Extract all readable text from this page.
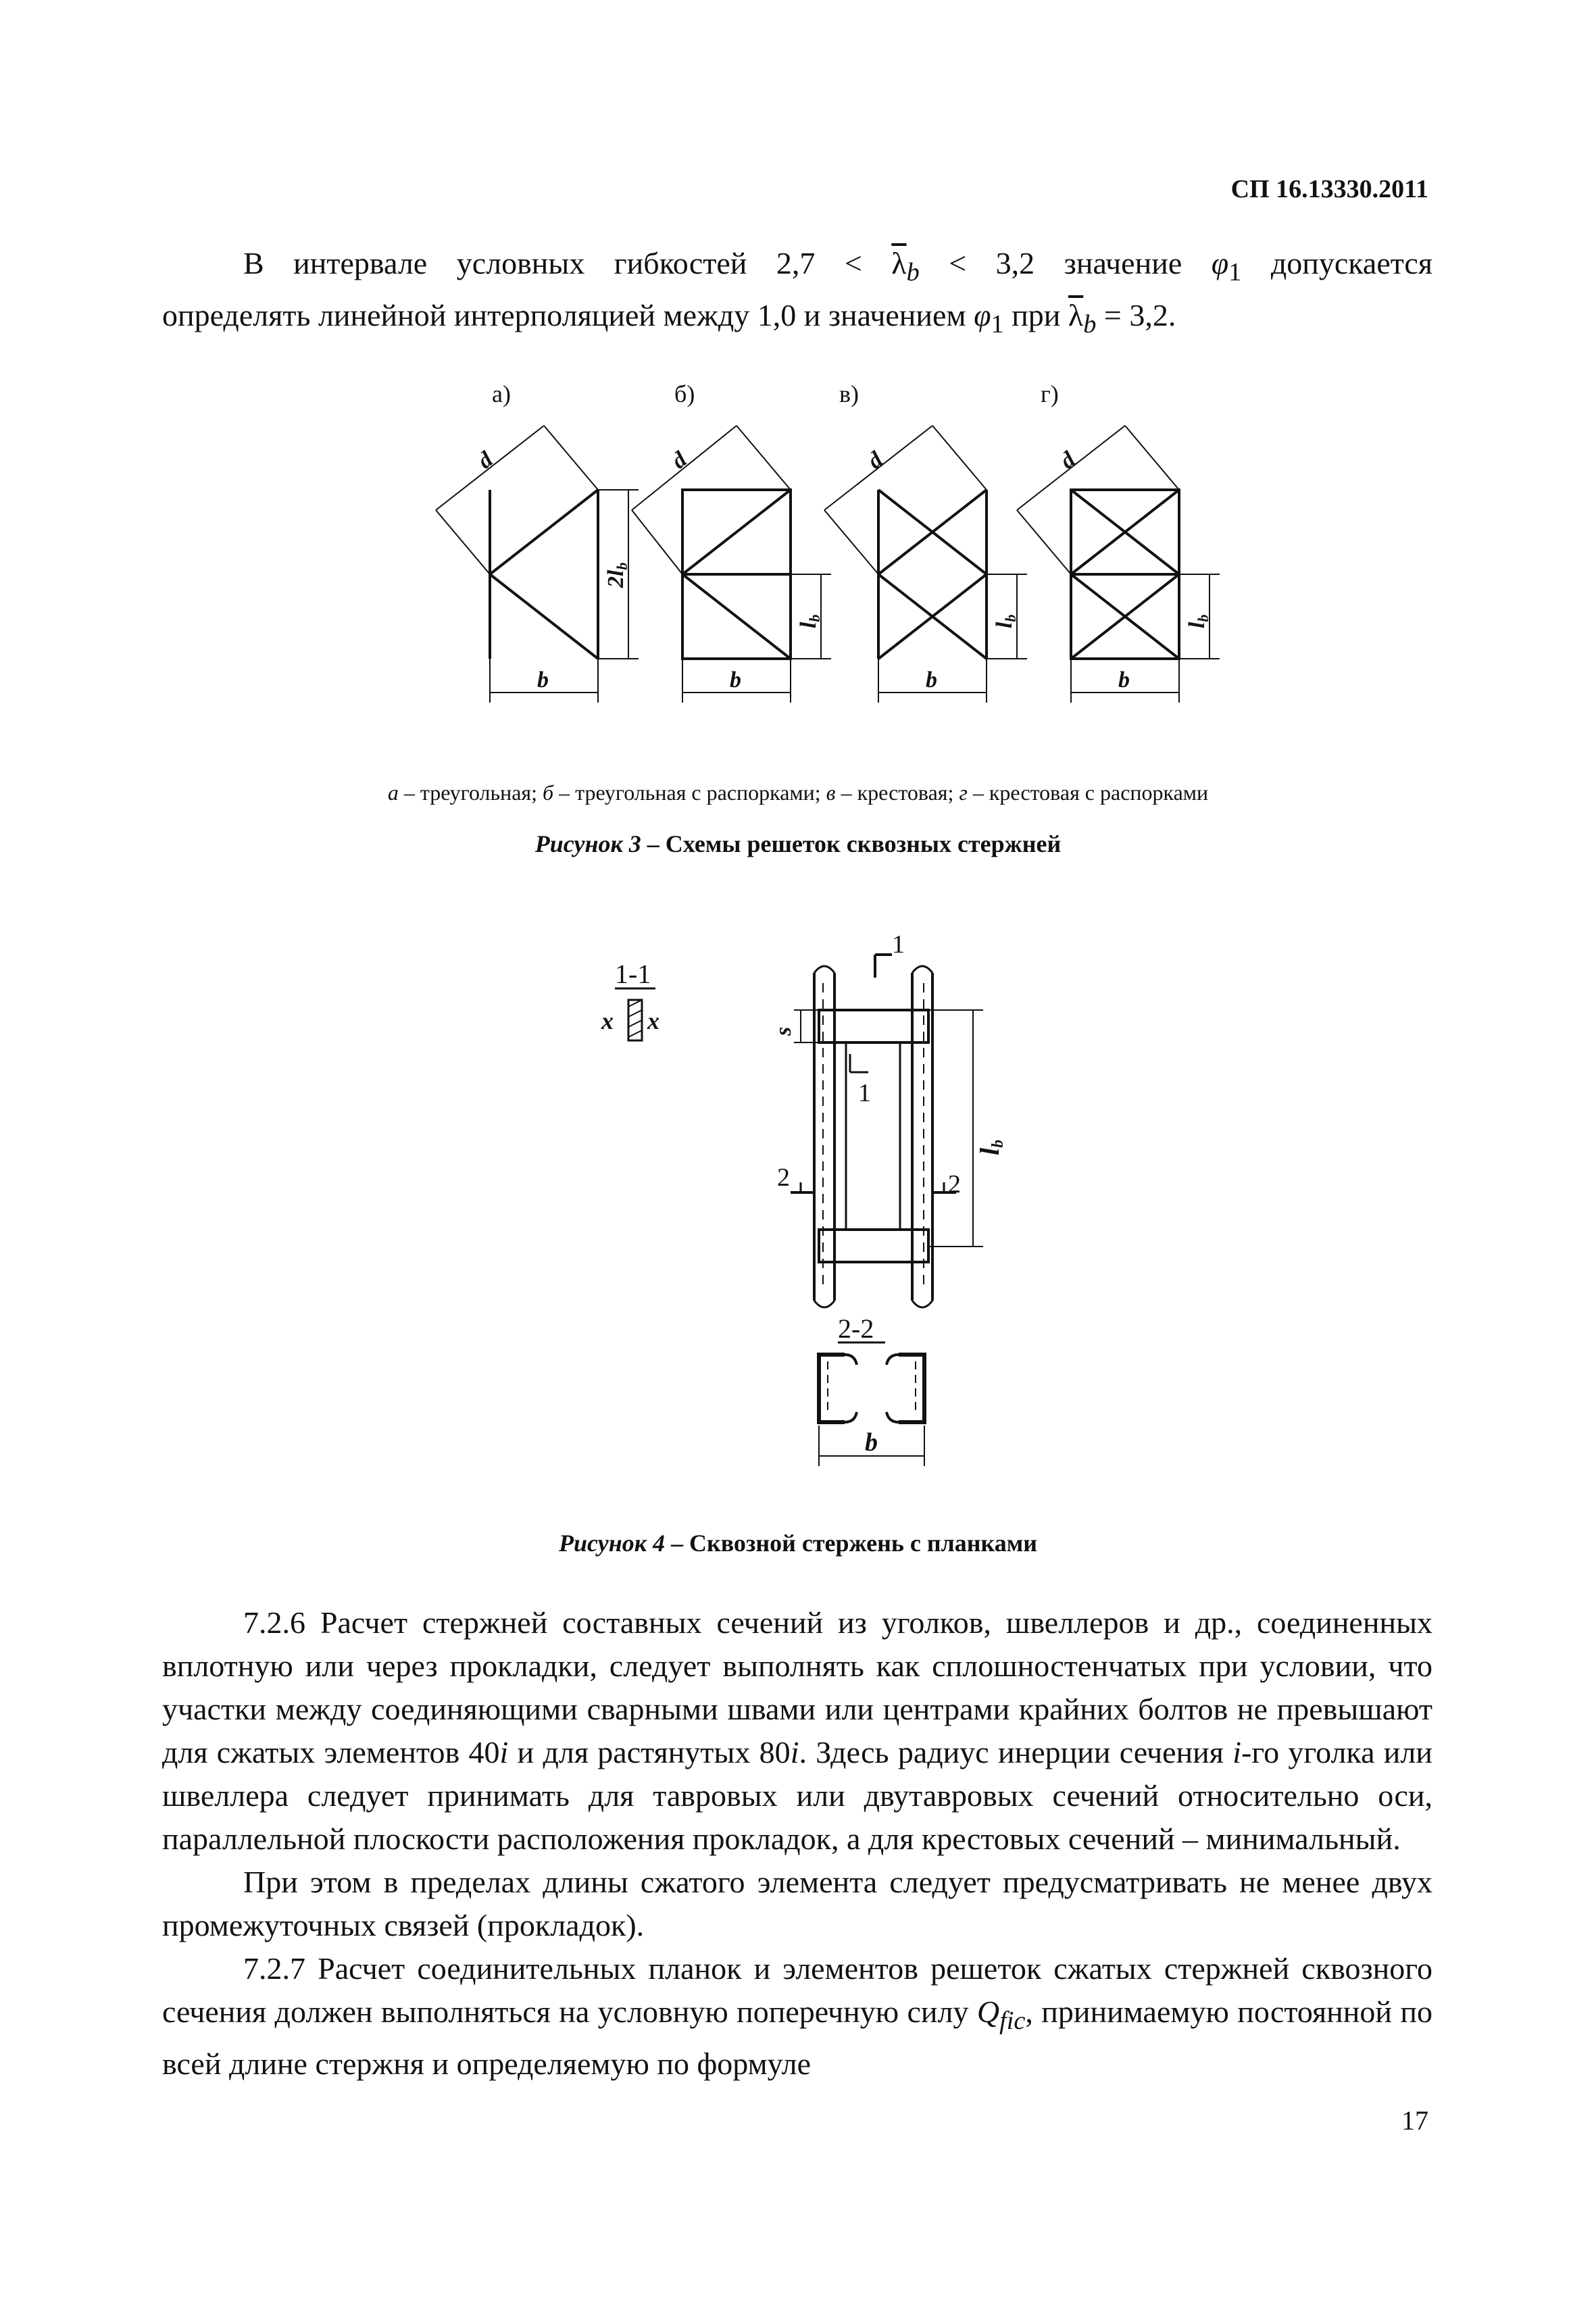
СП 16.13330.2011

В интервале условных гибкостей $2,7 < \overline{\lambda}_b < 3,2$ значение $\varphi_1$ допускается

определять линейной интерполяцией между 1,0 и значением $\varphi_1$ при $\overline{\lambda}_b = 3,2$.

а)	б)	в)	г)
d	d	d	d
b	b	b	b
2lb
lb
lb
lb
а – треугольная; б – треугольная с распорками; в – крестовая; г – крестовая с распорками
Рисунок 3 – Схемы решеток сквозных стержней
1-1
x x
1
1
2	2
s
lb
2-2
b
Рисунок 4 – Сквозной стержень с планками

7.2.6 Расчет стержней составных сечений из уголков, швеллеров и др., соединенных вплотную или через прокладки, следует выполнять как сплошностенчатых при условии, что участки между соединяющими сварными швами или центрами крайних болтов не превышают для сжатых элементов 40i и для растянутых 80i. Здесь радиус инерции сечения i-го уголка или швеллера следует принимать для тавровых или двутавровых сечений относительно оси, параллельной плоскости расположения прокладок, а для крестовых сечений – минимальный.

При этом в пределах длины сжатого элемента следует предусматривать не менее двух промежуточных связей (прокладок).

7.2.7 Расчет соединительных планок и элементов решеток сжатых стержней сквозного сечения должен выполняться на условную поперечную силу $Q_{fic}$, принимаемую постоянной по всей длине стержня и определяемую по формуле

17
